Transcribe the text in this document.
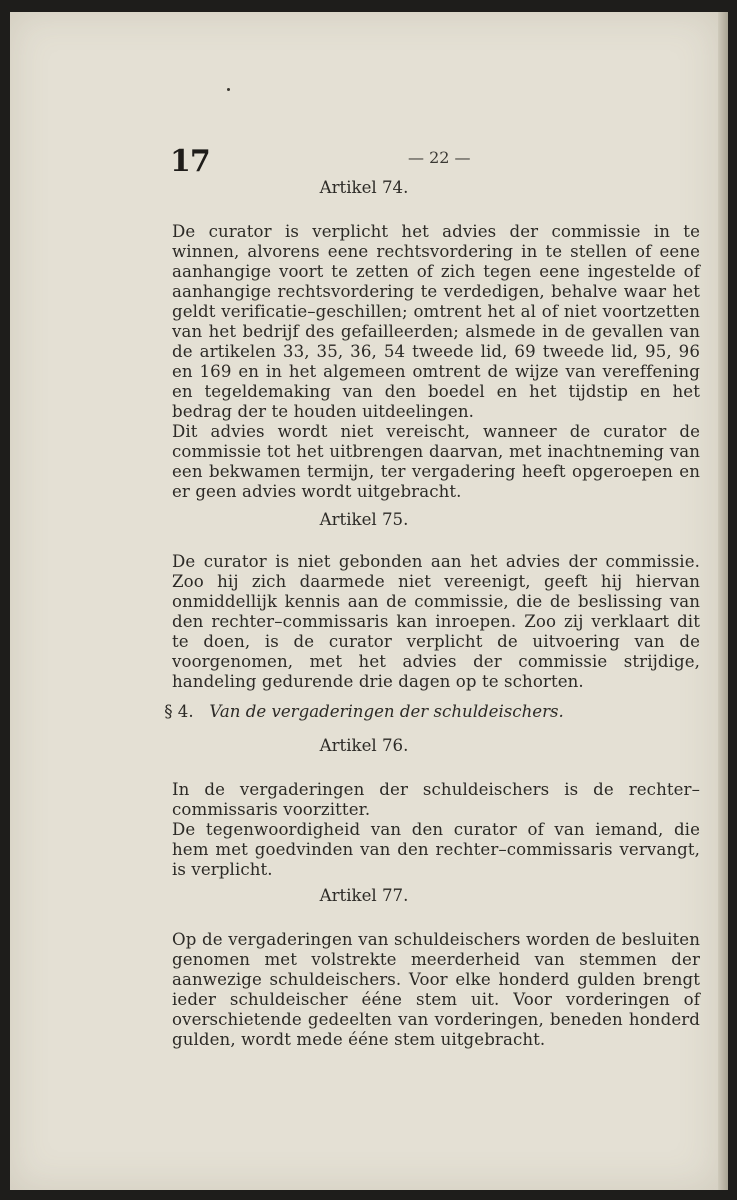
17	— 22 —
Artikel 74.

De curator is verplicht het advies der commissie in te winnen, alvorens eene rechtsvordering in te stellen of eene aanhangige voort te zetten of zich tegen eene ingestelde of aanhangige rechtsvordering te verdedigen, behalve waar het geldt verificatie–geschillen; omtrent het al of niet voortzetten van het bedrijf des gefailleerden; alsmede in de gevallen van de artikelen 33, 35, 36, 54 tweede lid, 69 tweede lid, 95, 96 en 169 en in het algemeen omtrent de wijze van vereffening en tegeldemaking van den boedel en het tijdstip en het bedrag der te houden uitdeelingen.

Dit advies wordt niet vereischt, wanneer de curator de commissie tot het uitbrengen daarvan, met inachtneming van een bekwamen termijn, ter vergadering heeft opgeroepen en er geen advies wordt uitgebracht.

Artikel 75.

De curator is niet gebonden aan het advies der commissie. Zoo hij zich daarmede niet vereenigt, geeft hij hiervan onmiddellijk kennis aan de commissie, die de beslissing van den rechter–commissaris kan inroepen. Zoo zij verklaart dit te doen, is de curator verplicht de uitvoering van de voorgenomen, met het advies der commissie strijdige, handeling gedurende drie dagen op te schorten.

§ 4. Van de vergaderingen der schuldeischers.
Artikel 76.

In de vergaderingen der schuldeischers is de rechter–commissaris voorzitter.

De tegenwoordigheid van den curator of van iemand, die hem met goedvinden van den rechter–commissaris vervangt, is verplicht.

Artikel 77.

Op de vergaderingen van schuldeischers worden de besluiten genomen met volstrekte meerderheid van stemmen der aanwezige schuldeischers. Voor elke honderd gulden brengt ieder schuldeischer ééne stem uit. Voor vorderingen of overschietende gedeelten van vorderingen, beneden honderd gulden, wordt mede ééne stem uitgebracht.
